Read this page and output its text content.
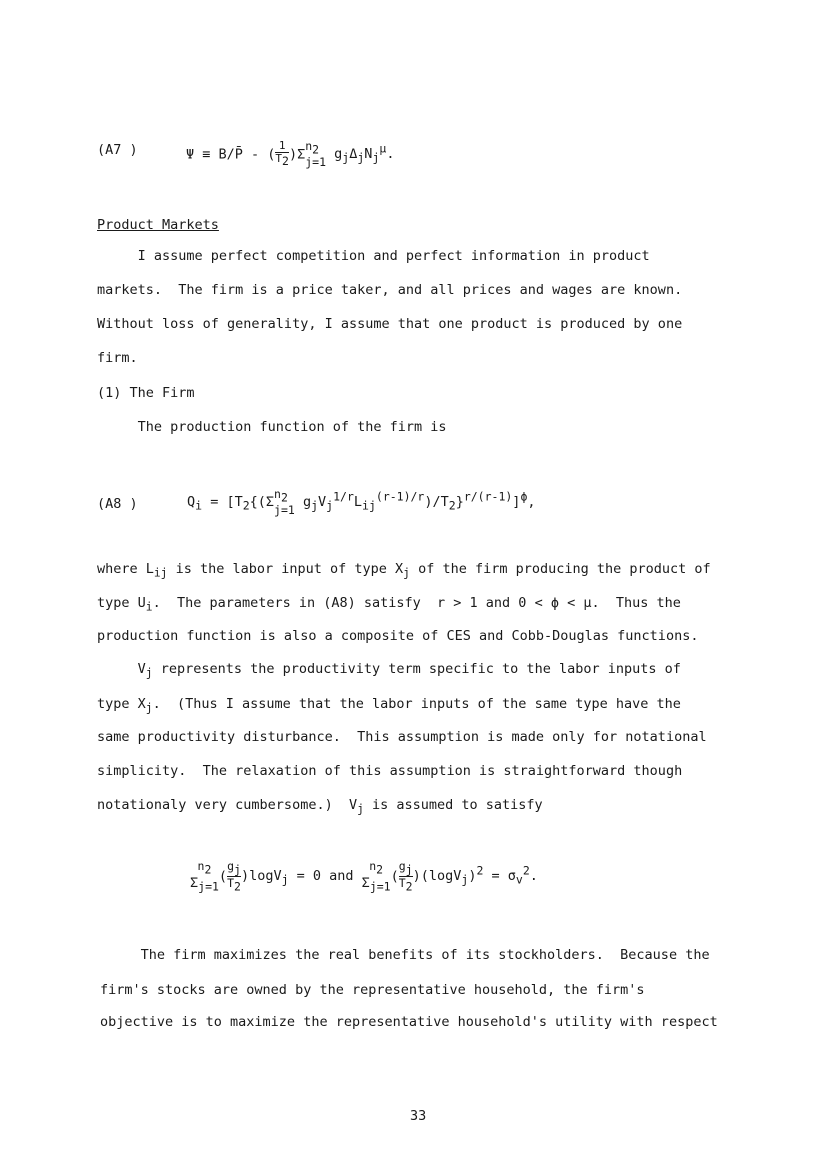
(A7 )	Ψ ≡ B/P̄ - ( $\frac{1}{T_2} )\Sigma$
$n_2$
j=1 $g_j\Delta_jN_j^\mu$.
Product Markets
I assume perfect competition and perfect information in product
markets.  The firm is a price taker, and all prices and wages are known.
Without loss of generality, I assume that one product is produced by one
firm.
(1) The Firm
The production function of the firm is
(A8 )	$Q_i = [T_2\{(\Sigma$
$n_2$
j=1 $g_jV_j^{1/r}L_{ij}^{(r-1)/r})/T_2\}^{r/(r-1)}]^\phi$,
where $L_{ij}$ is the labor input of type $X_j$ of the firm producing the product of
type $U_i$.  The parameters in (A8) satisfy  r > 1 and 0 < ϕ < μ.  Thus the
production function is also a composite of CES and Cobb-Douglas functions.
$V_j$ represents the productivity term specific to the labor inputs of
type $X_j$.  (Thus I assume that the labor inputs of the same type have the
same productivity disturbance.  This assumption is made only for notational
simplicity.  The relaxation of this assumption is straightforward though
notationaly very cumbersome.)  $V_j$ is assumed to satisfy
$n_2$
$\Sigma_{j=1}$
( $\frac{g_j}{T_2} )\log V_j = 0$ and
$n_2$
$\Sigma_{j=1}$
( $\frac{g_j}{T_2} )(\log V_j)^2 = \sigma_v^2$.
The firm maximizes the real benefits of its stockholders.  Because the
firm's stocks are owned by the representative household, the firm's
objective is to maximize the representative household's utility with respect
33
